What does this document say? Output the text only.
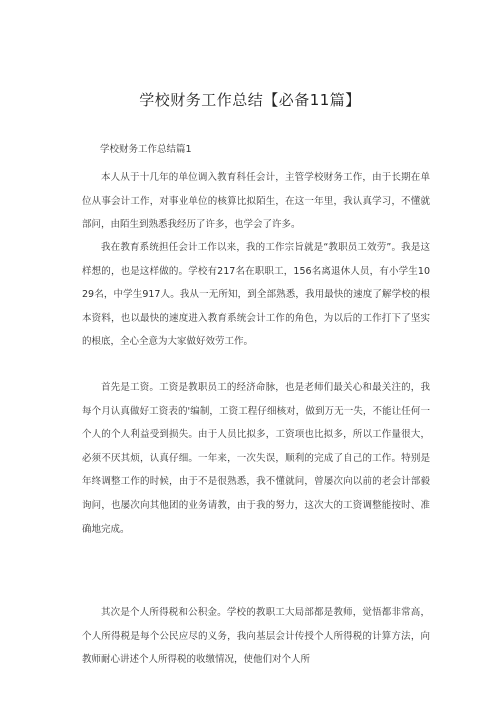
学校财务工作总结【必备11篇】
学校财务工作总结篇1

本人从于十几年的单位调入教育科任会计，主管学校财务工作，由于长期在单位从事会计工作，对事业单位的核算比拟陌生，在这一年里，我认真学习，不懂就部问，由陌生到熟悉我经历了许多，也学会了许多。

我在教育系统担任会计工作以来，我的工作宗旨就是“教职员工效劳”。我是这样想的，也是这样做的。学校有217名在职职工，156名离退休人员，有小学生1029名，中学生917人。我从一无所知，到全部熟悉，我用最快的速度了解学校的根本资料，也以最快的速度进入教育系统会计工作的角色，为以后的工作打下了坚实的根底，全心全意为大家做好效劳工作。

首先是工资。工资是教职员工的经济命脉，也是老师们最关心和最关注的，我每个月认真做好工资表的'编制，工资工程仔细核对，做到万无一失，不能让任何一个人的个人利益受到损失。由于人员比拟多，工资项也比拟多，所以工作量很大，必须不厌其烦，认真仔细。一年来，一次失误，顺利的完成了自己的工作。特别是年终调整工作的时候，由于不是很熟悉，我不懂就问，曾屡次向以前的老会计部毅询问，也屡次向其他团的业务请教，由于我的努力，这次大的工资调整能按时、准确地完成。

其次是个人所得税和公积金。学校的教职工大局部都是教师，觉悟都非常高，个人所得税是每个公民应尽的义务，我向基层会计传授个人所得税的计算方法，向教师耐心讲述个人所得税的收缴情况，使他们对个人所
